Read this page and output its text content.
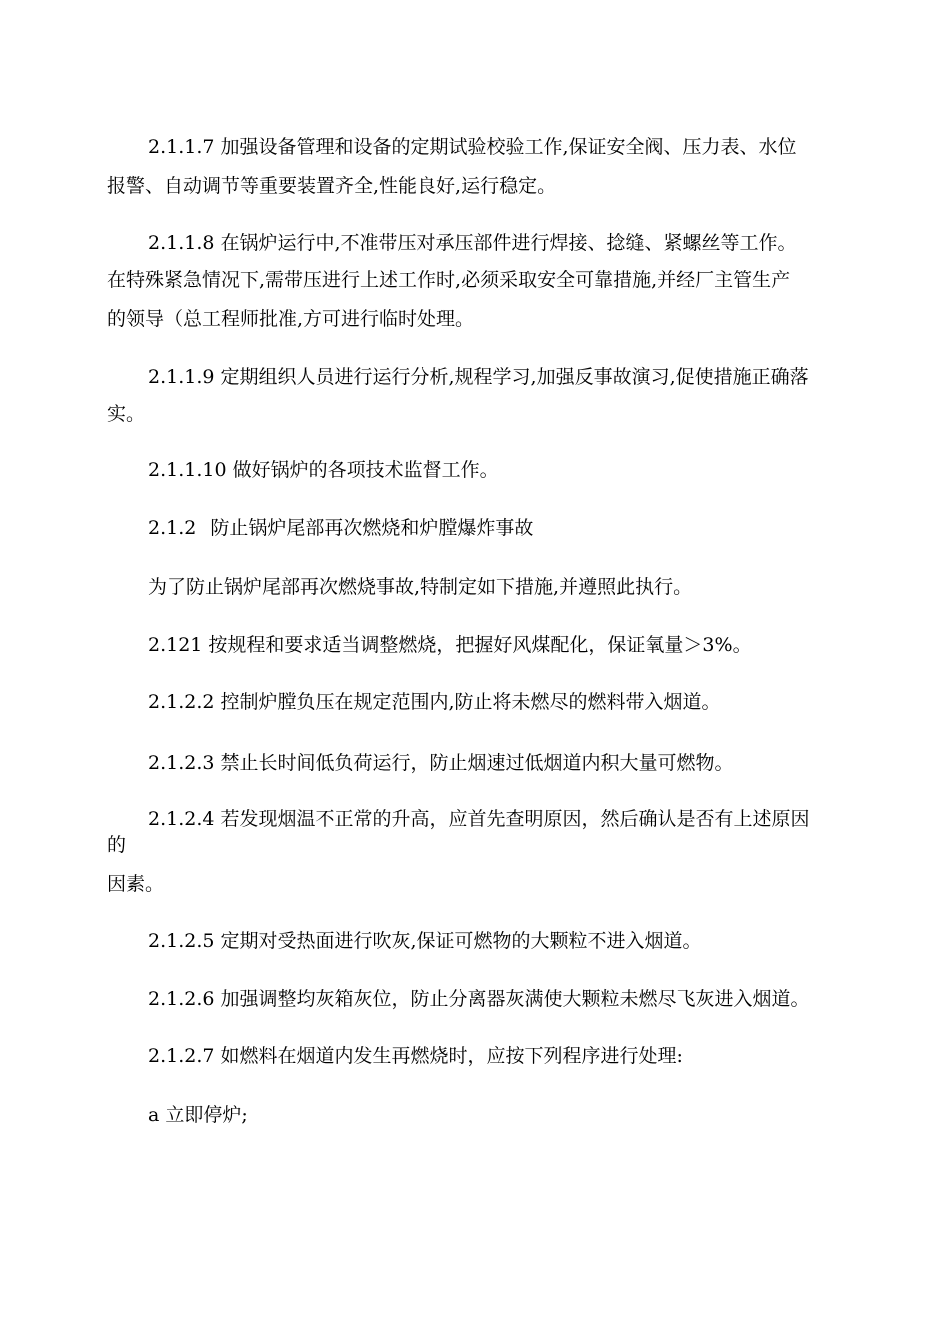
2.1.1.7 加强设备管理和设备的定期试验校验工作,保证安全阀、压力表、水位
报警、自动调节等重要装置齐全,性能良好,运行稳定。
2.1.1.8 在锅炉运行中,不准带压对承压部件进行焊接、捻缝、紧螺丝等工作。
在特殊紧急情况下,需带压进行上述工作时,必须采取安全可靠措施,并经厂主管生产
的领导（总工程师批准,方可进行临时处理。
2.1.1.9 定期组织人员进行运行分析,规程学习,加强反事故演习,促使措施正确落
实。
2.1.1.10 做好锅炉的各项技术监督工作。
2.1.2 防止锅炉尾部再次燃烧和炉膛爆炸事故
为了防止锅炉尾部再次燃烧事故,特制定如下措施,并遵照此执行。
2.121 按规程和要求适当调整燃烧，把握好风煤配化，保证氧量＞3%。
2.1.2.2 控制炉膛负压在规定范围内,防止将未燃尽的燃料带入烟道。
2.1.2.3 禁止长时间低负荷运行，防止烟速过低烟道内积大量可燃物。
2.1.2.4 若发现烟温不正常的升高，应首先查明原因，然后确认是否有上述原因
的
因素。
2.1.2.5 定期对受热面进行吹灰,保证可燃物的大颗粒不进入烟道。
2.1.2.6 加强调整均灰箱灰位，防止分离器灰满使大颗粒未燃尽飞灰进入烟道。
2.1.2.7 如燃料在烟道内发生再燃烧时，应按下列程序进行处理:
a 立即停炉;
